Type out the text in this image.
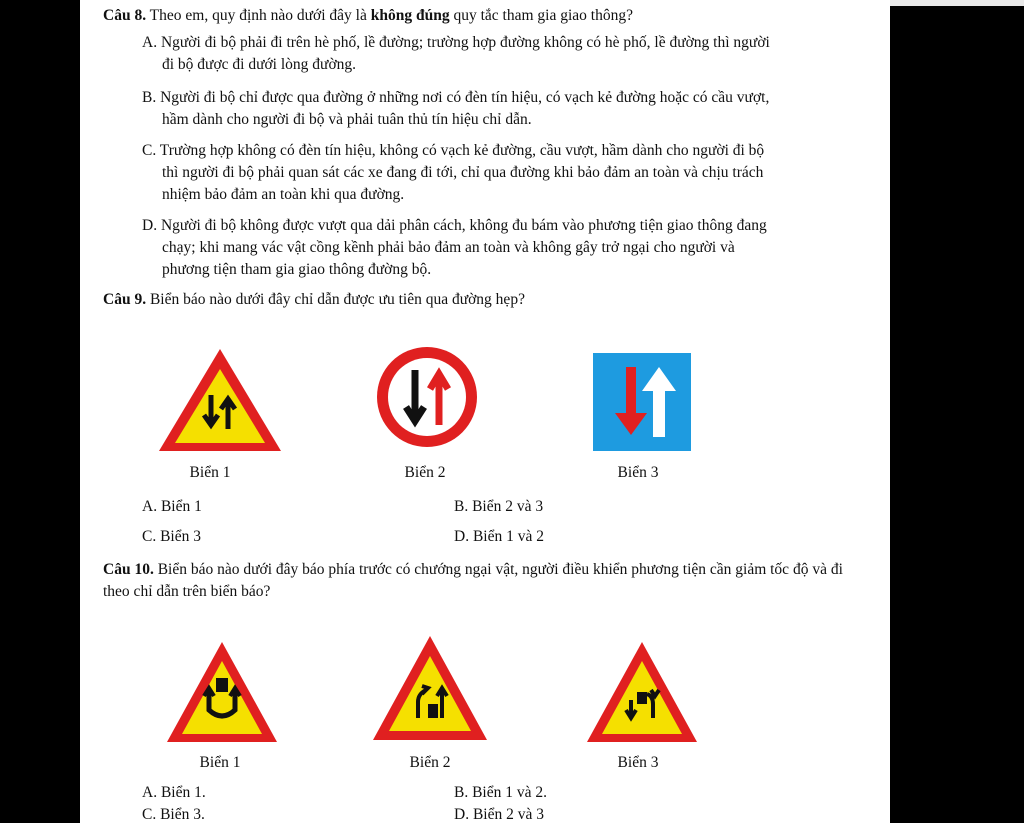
Câu 8. Theo em, quy định nào dưới đây là không đúng quy tắc tham gia giao thông?
A. Người đi bộ phải đi trên hè phố, lề đường; trường hợp đường không có hè phố, lề đường thì người đi bộ được đi dưới lòng đường.
B. Người đi bộ chỉ được qua đường ở những nơi có đèn tín hiệu, có vạch kẻ đường hoặc có cầu vượt, hầm dành cho người đi bộ và phải tuân thủ tín hiệu chỉ dẫn.
C. Trường hợp không có đèn tín hiệu, không có vạch kẻ đường, cầu vượt, hầm dành cho người đi bộ thì người đi bộ phải quan sát các xe đang đi tới, chỉ qua đường khi bảo đảm an toàn và chịu trách nhiệm bảo đảm an toàn khi qua đường.
D. Người đi bộ không được vượt qua dải phân cách, không đu bám vào phương tiện giao thông đang chạy; khi mang vác vật cồng kềnh phải bảo đảm an toàn và không gây trở ngại cho người và phương tiện tham gia giao thông đường bộ.
Câu 9. Biển báo nào dưới đây chỉ dẫn được ưu tiên qua đường hẹp?
Biển 1	Biển 2	Biển 3
A. Biển 1	B. Biển 2 và 3
C. Biển 3	D. Biển 1 và 2
Câu 10. Biển báo nào dưới đây báo phía trước có chướng ngại vật, người điều khiển phương tiện cần giảm tốc độ và đi theo chỉ dẫn trên biển báo?
Biển 1	Biển 2	Biển 3
A. Biển 1.	B. Biển 1 và 2.
C. Biển 3.	D. Biển 2 và 3
